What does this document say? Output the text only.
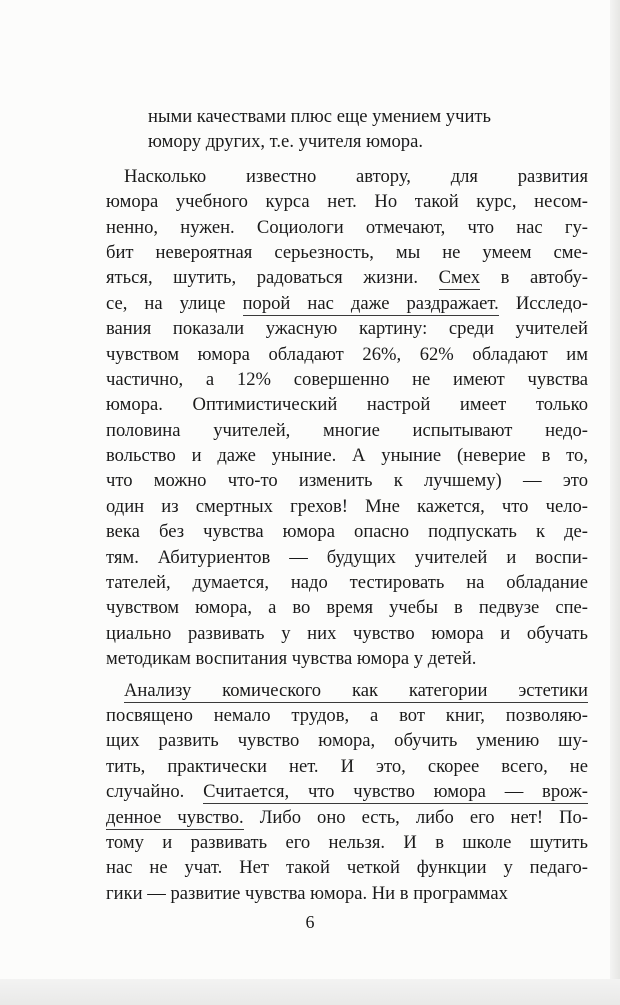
ными качествами плюс еще умением учить
юмору других, т.е. учителя юмора.
Насколько известно автору, для развития
юмора учебного курса нет. Но такой курс, несом-
ненно, нужен. Социологи отмечают, что нас гу-
бит невероятная серьезность, мы не умеем сме-
яться, шутить, радоваться жизни. Смех в автобу-
се, на улице порой нас даже раздражает. Исследо-
вания показали ужасную картину: среди учителей
чувством юмора обладают 26%, 62% обладают им
частично, а 12% совершенно не имеют чувства
юмора. Оптимистический настрой имеет только
половина учителей, многие испытывают недо-
вольство и даже уныние. А уныние (неверие в то,
что можно что-то изменить к лучшему) — это
один из смертных грехов! Мне кажется, что чело-
века без чувства юмора опасно подпускать к де-
тям. Абитуриентов — будущих учителей и воспи-
тателей, думается, надо тестировать на обладание
чувством юмора, а во время учебы в педвузе спе-
циально развивать у них чувство юмора и обучать
методикам воспитания чувства юмора у детей.
Анализу комического как категории эстетики
посвящено немало трудов, а вот книг, позволяю-
щих развить чувство юмора, обучить умению шу-
тить, практически нет. И это, скорее всего, не
случайно. Считается, что чувство юмора — врож-
денное чувство. Либо оно есть, либо его нет! По-
тому и развивать его нельзя. И в школе шутить
нас не учат. Нет такой четкой функции у педаго-
гики — развитие чувства юмора. Ни в программах
6
